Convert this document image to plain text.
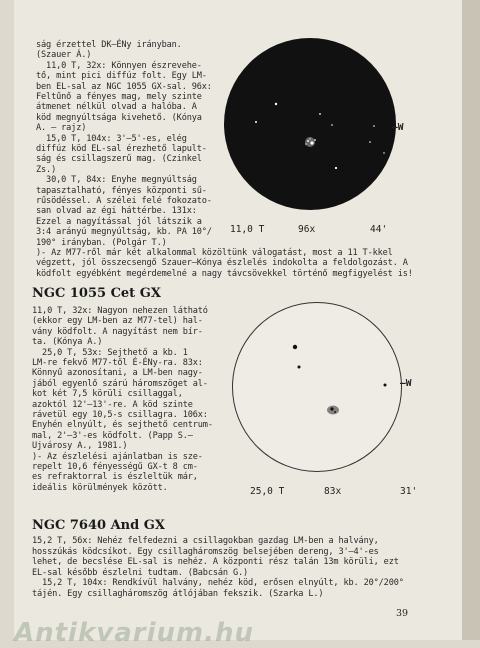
ság érzettel DK—ÉNy irányban.
(Szauer Á.)
11,0 T, 32x: Könnyen észrevehe-
tő, mint pici diffúz folt. Egy LM-
ben EL-sal az NGC 1055 GX-sal. 96x:
Feltűnő a fényes mag, mely szinte
átmenet nélkül olvad a halóba. A
köd megnyúltsága kivehető. (Kónya
A. — rajz)
15,0 T, 104x: 3'—5'-es, elég
diffúz köd EL-sal érezhető lapult-
ság és csillagszerű mag. (Czinkel
Zs.)
30,0 T, 84x: Enyhe megnyúltság
tapasztalható, fényes központi sű-
rűsödéssel. A szélei felé fokozato-
san olvad az égi háttérbe. 131x:
Ezzel a nagyítással jól látszik a
3:4 arányú megnyúltság, kb. PA 10°/
190° irányban. (Polgár T.)
)- Az M77-ről már két alkalommal közöltünk válogatást, most a 11 T-kkel
végzett, jól összecsengő Szauer—Kónya észlelés indokolta a feldolgozást. A
ködfolt egyébként megérdemelné a nagy távcsövekkel történő megfigyelést is!
—W
11,0 T	96x	44'
NGC 1055 Cet GX
11,0 T, 32x: Nagyon nehezen látható
(ekkor egy LM-ben az M77-tel) hal-
vány ködfolt. A nagyítást nem bír-
ta. (Kónya A.)
25,0 T, 53x: Sejthető a kb. 1
LM-re fekvő M77-től É-ÉNy-ra. 83x:
Könnyű azonosítani, a LM-ben nagy-
jából egyenlő szárú háromszöget al-
kot két 7,5 körüli csillaggal,
azoktól 12'—13'-re. A köd szinte
rávetül egy 10,5-s csillagra. 106x:
Enyhén elnyúlt, és sejthető centrum-
mal, 2'—3'-es ködfolt. (Papp S.—
Ujvárosy A., 1981.)
)- Az észlelési ajánlatban is sze-
repelt 10,6 fényességű GX-t 8 cm-
es refraktorral is észleltük már,
ideális körülmények között.
—W
25,0 T	83x	31'
NGC 7640 And GX
15,2 T, 56x: Nehéz felfedezni a csillagokban gazdag LM-ben a halvány,
hosszúkás ködcsíkot. Egy csillagháromszög belsejében dereng, 3'—4'-es
lehet, de becslése EL-sal is nehéz. A központi rész talán 13m körüli, ezt
EL-sal később észlelni tudtam. (Babcsán G.)
15,2 T, 104x: Rendkívül halvány, nehéz köd, erősen elnyúlt, kb. 20°/200°
tájén. Egy csillagháromszög átlójában fekszik. (Szarka L.)
39
Antikvarium.hu
